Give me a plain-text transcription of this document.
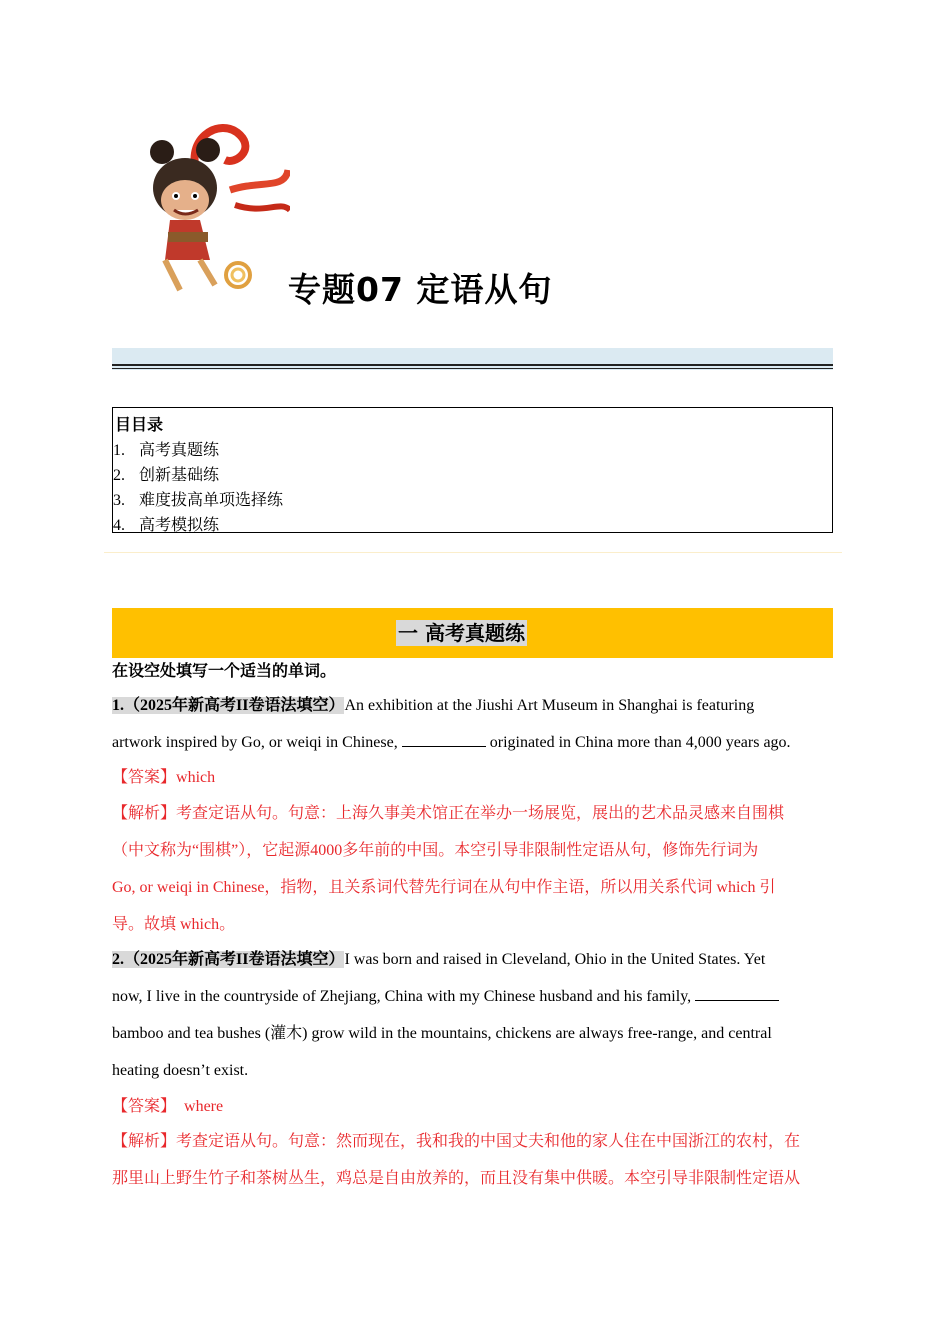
专题07 定语从句
目目录
1. 高考真题练
2. 创新基础练
3. 难度拔高单项选择练
4. 高考模拟练
一 高考真题练
在设空处填写一个适当的单词。
1.（2025年新高考II卷语法填空）An exhibition at the Jiushi Art Museum in Shanghai is featuring
artwork inspired by Go, or weiqi in Chinese,	originated in China more than 4,000 years ago.
【答案】which
【解析】考查定语从句。句意：上海久事美术馆正在举办一场展览，展出的艺术品灵感来自围棋
（中文称为“围棋”），它起源4000多年前的中国。本空引导非限制性定语从句，修饰先行词为
Go, or weiqi in Chinese，指物，且关系词代替先行词在从句中作主语，所以用关系代词 which 引
导。故填 which。
2.（2025年新高考II卷语法填空）I was born and raised in Cleveland, Ohio in the United States. Yet
now, I live in the countryside of Zhejiang, China with my Chinese husband and his family,
bamboo and tea bushes (灌木) grow wild in the mountains, chickens are always free-range, and central
heating doesn’t exist.
【答案】 where
【解析】考查定语从句。句意：然而现在，我和我的中国丈夫和他的家人住在中国浙江的农村，在
那里山上野生竹子和茶树丛生，鸡总是自由放养的，而且没有集中供暖。本空引导非限制性定语从
